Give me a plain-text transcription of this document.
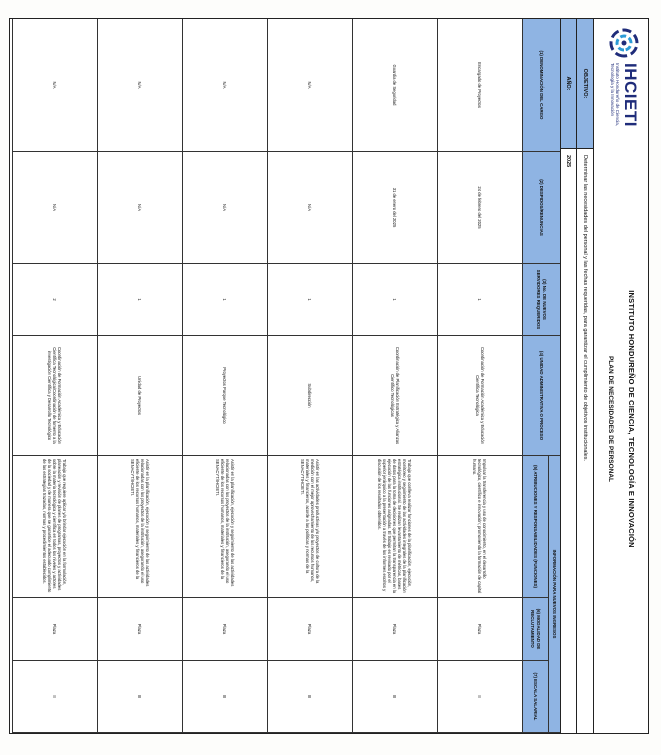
IHCIETI
Instituto Hondureño de Ciencia, Tecnología y la Innovación
INSTITUTO HONDUREÑO DE CIENCIA, TECNOLOGÍA E INNOVACIÓN
PLAN DE NECESIDADES DE PERSONAL
OBJETIVO:
Determinar las necesidades del personal y las fechas requeridas, para garantizar el cumplimiento de objetivos institucionales.
AÑO:
2025
INFORMACIÓN PARA NUEVOS INGRESOS
(1) DENOMINACIÓN DEL CARGO
(2) DESPIDOS/RENUNCIAS
(3) No. DE NUEVOS SERVIDORES REQUERIDOS
(4) UNIDAD ADMINISTRATIVA O PROCESO
(5) ATRIBUCIONES Y RESPONSABILIDADES (FUNCIONES)
(6) MODALIDAD DE RECLUTAMIENTO
(7) ESCALA SALARIAL
Encargado de Proyectos
24 de febrero del 2025
1
Coordinación de Formación Académica y Educación Científica Tecnológica
Impulsar la transferencia y uso de conocimiento, en el desarrollo tecnológico, científico e innovación; promoviendo la formación de capital humano.
Plaza
II
Guardia de Seguridad
31 de enero del 2025
1
Coordinación de Planificación Estratégica y Alianzas Científico Tecnológicas
Trabajo que conlleva realizar funciones de la planificación, ejecución, monitoreo y seguimiento de las actividades integrales de la planificación estratégica institucional. Se realizan levantamiento de métricas, bases de datos para la toma de decisiones que permitan la transparencia en la ejecución de las funciones asignadas. El trabajo es revisado por el superior jerárquico a la presentación a través de los informes escritos y discusión de los resultados obtenidos.
Plaza
III
N/A
N/A
1
Subdirección
Asistir en las actividades productivas y/o proyectos de cultura de la medición con el mejor aprovechamiento de los recursos humanos, materiales y financieros, acorde a las políticas y normas de la SENACYTIHCIETI.
Plaza
III
N/A
N/A
1
Proyectos Parque Tecnológico
Asistir en la planificación, ejecución y seguimiento de las actividades relacionadas con los proyectos de la institución, asegurando el uso eficiente de los recursos humanos, materiales y financieros de la SENACYT/IHCIETI.
Plaza
III
N/A
N/A
1
Unidad de Proyectos
Asistir en la planificación, ejecución y seguimiento de las actividades relacionadas con los proyectos de la institución, asegurando el uso eficiente de los recursos humanos, materiales y financieros de la SENACYT/IHCIETI.
Plaza
III
N/A
N/A
2
Coordinación de Formación Académica y Educación Científica Tecnológica/Coordinación de fomento a la investigación Científica y Desarrollo Tecnológico
Trabajo que requiere aplicar y/o brindar ejecución en la formulación, planeación y revisión de planes de programas, proyectos y actividades sobre la materia tecnológica y científica en todos los niveles y actores de la sociedad y de manera que se garantice el adecuado cumplimiento de las estrategias trazadas, normas y procedimientos establecidos.
Plaza
II
